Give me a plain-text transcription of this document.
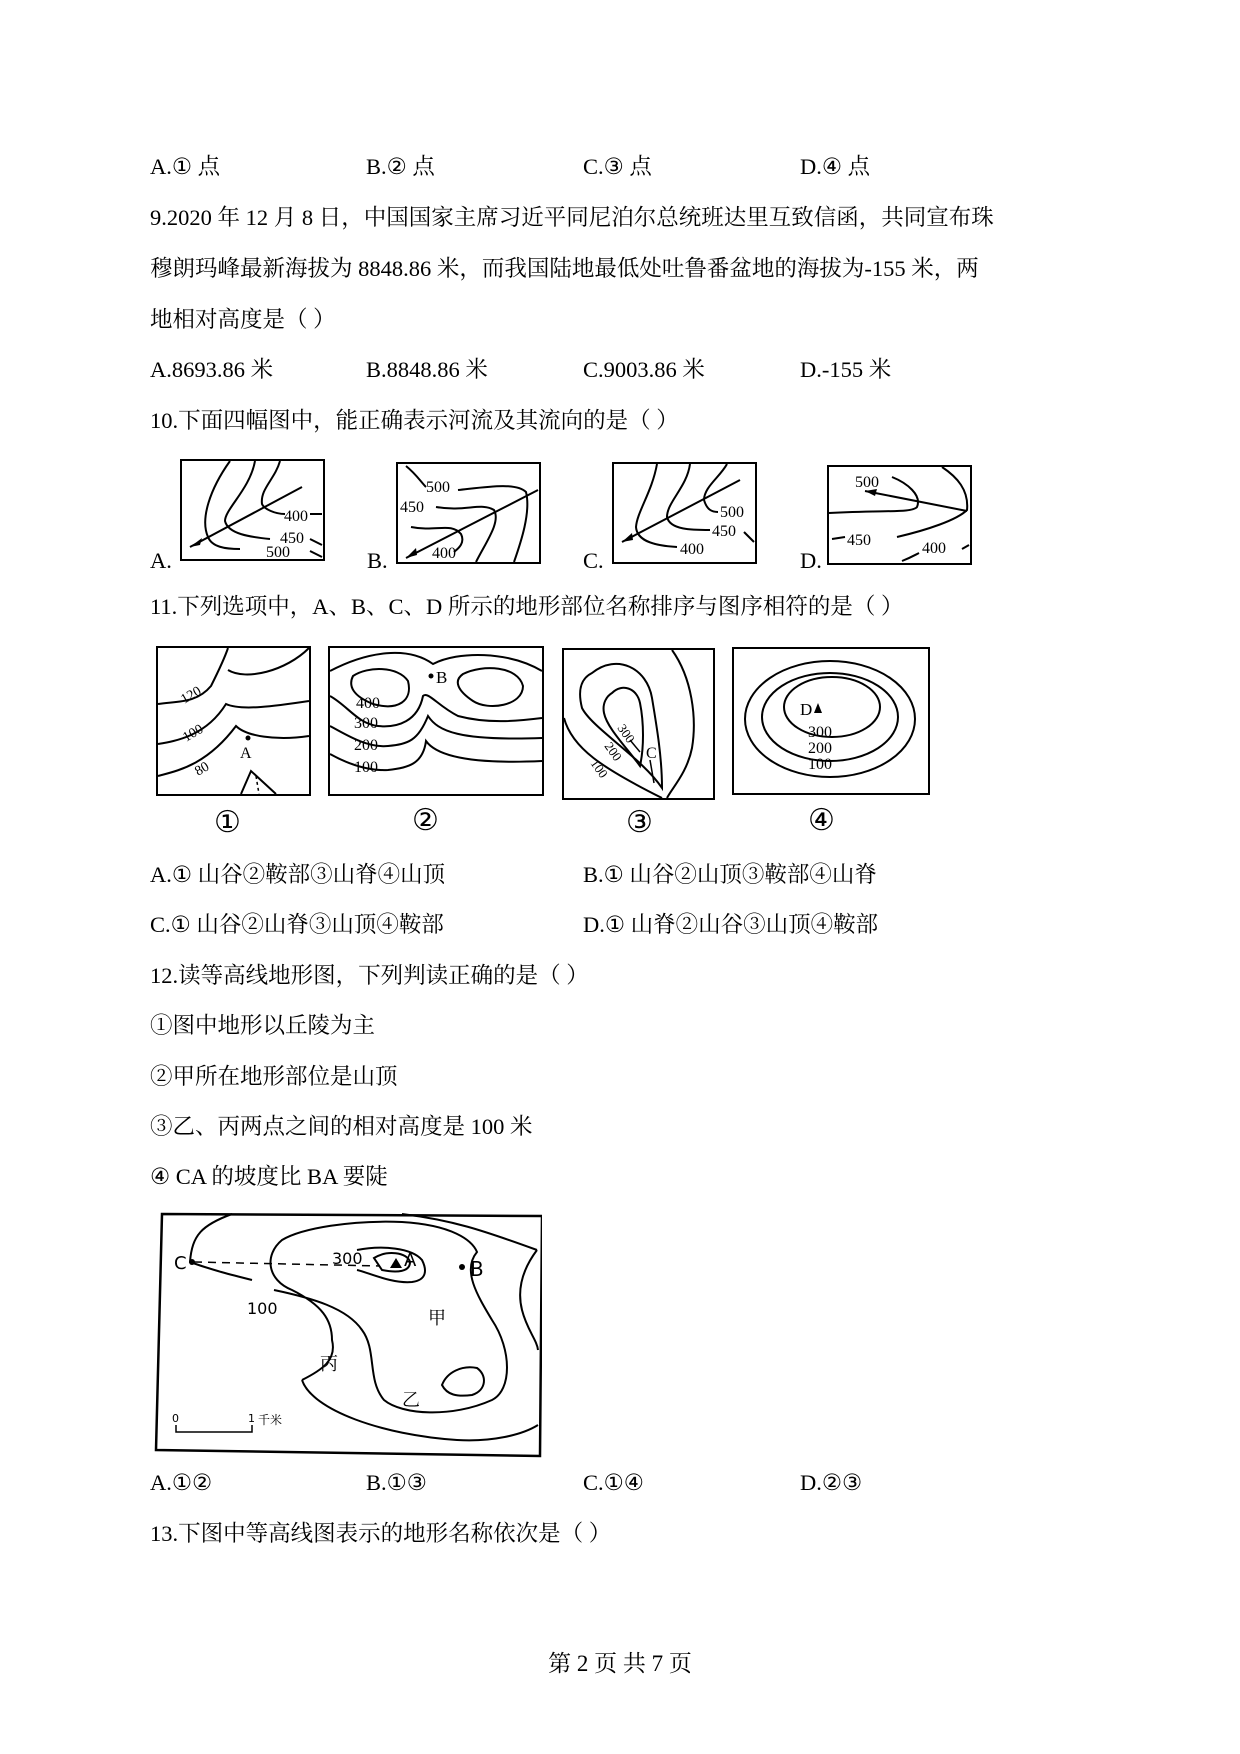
A.① 点	B.② 点	C.③ 点	D.④ 点
9.2020 年 12 月 8 日，中国国家主席习近平同尼泊尔总统班达里互致信函，共同宣布珠
穆朗玛峰最新海拔为 8848.86 米，而我国陆地最低处吐鲁番盆地的海拔为-155 米，两
地相对高度是（ ）
A.8693.86 米	B.8848.86 米	C.9003.86 米	D.-155 米
10.下面四幅图中，能正确表示河流及其流向的是（ ）
A.
400
450
500	B.
500
450
400	C.
500
450
400	D.
500
450	400
11.下列选项中，A、B、C、D 所示的地形部位名称排序与图序相符的是（ ）
120
100
80
A
①
B
400
300
200
100
②
C
300
200
100
③
D
300
200
100
④
A.① 山谷②鞍部③山脊④山顶	B.① 山谷②山顶③鞍部④山脊
C.① 山谷②山脊③山顶④鞍部	D.① 山脊②山谷③山顶④鞍部
12.读等高线地形图，下列判读正确的是（ ）
①图中地形以丘陵为主
②甲所在地形部位是山顶
③乙、丙两点之间的相对高度是 100 米
④ CA 的坡度比 BA 要陡
C	A	B
300
100	甲
丙
乙
0	1 千米
A.①②	B.①③	C.①④	D.②③
13.下图中等高线图表示的地形名称依次是（ ）
第 2 页 共 7 页
